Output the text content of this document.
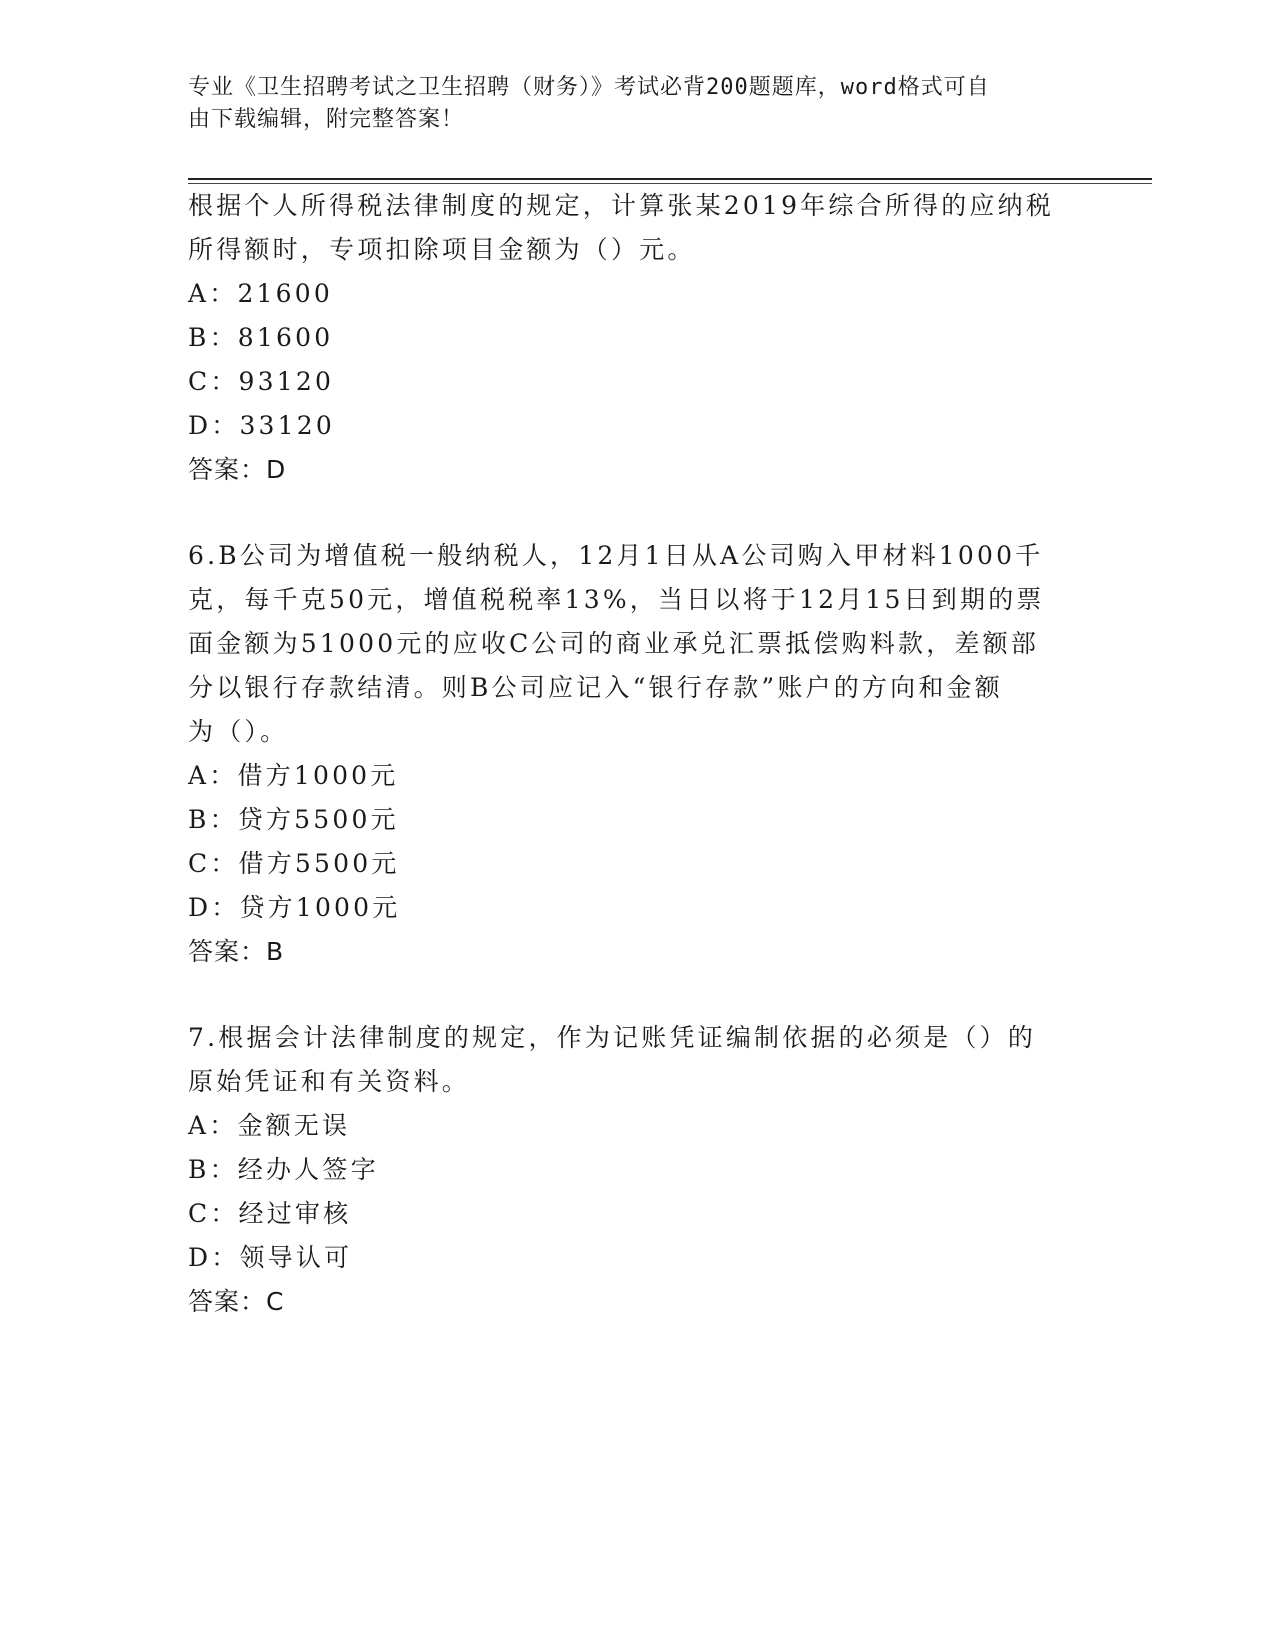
专业《卫生招聘考试之卫生招聘（财务）》考试必背200题题库，word格式可自
由下载编辑，附完整答案！
根据个人所得税法律制度的规定，计算张某2019年综合所得的应纳税
所得额时，专项扣除项目金额为（）元。
A：21600
B：81600
C：93120
D：33120
答案：D
6.B公司为增值税一般纳税人，12月1日从A公司购入甲材料1000千
克，每千克50元，增值税税率13%，当日以将于12月15日到期的票
面金额为51000元的应收C公司的商业承兑汇票抵偿购料款，差额部
分以银行存款结清。则B公司应记入“银行存款”账户的方向和金额
为（）。
A：借方1000元
B：贷方5500元
C：借方5500元
D：贷方1000元
答案：B
7.根据会计法律制度的规定，作为记账凭证编制依据的必须是（）的
原始凭证和有关资料。
A：金额无误
B：经办人签字
C：经过审核
D：领导认可
答案：C
